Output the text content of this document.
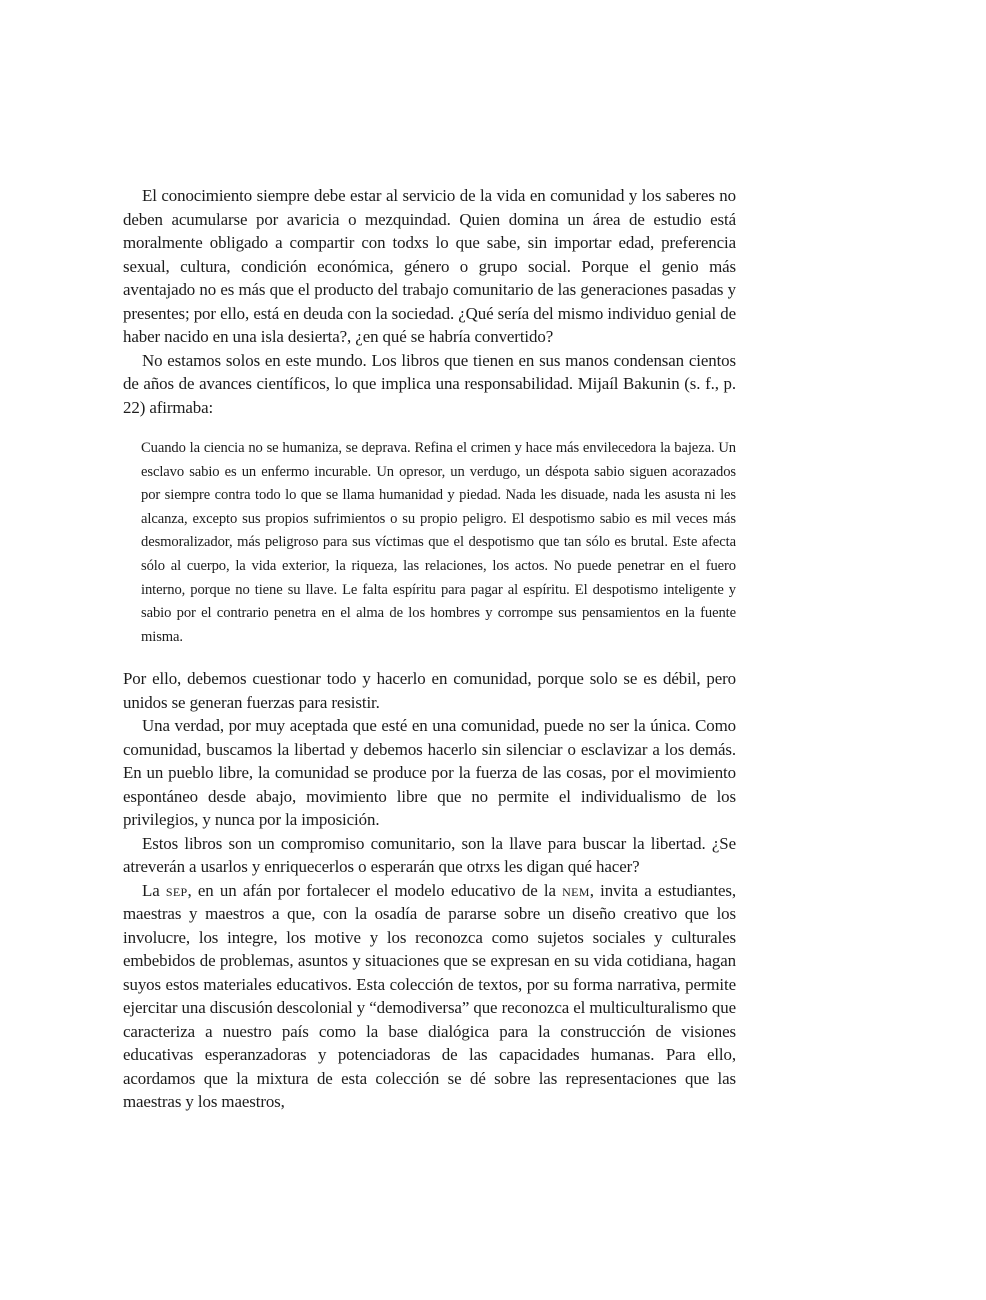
El conocimiento siempre debe estar al servicio de la vida en comunidad y los saberes no deben acumularse por avaricia o mezquindad. Quien domina un área de estudio está moralmente obligado a compartir con todxs lo que sabe, sin importar edad, preferencia sexual, cultura, condición económica, género o grupo social. Porque el genio más aventajado no es más que el producto del trabajo comunitario de las generaciones pasadas y presentes; por ello, está en deuda con la sociedad. ¿Qué sería del mismo individuo genial de haber nacido en una isla desierta?, ¿en qué se habría convertido?

No estamos solos en este mundo. Los libros que tienen en sus manos condensan cientos de años de avances científicos, lo que implica una responsabilidad. Mijaíl Bakunin (s. f., p. 22) afirmaba:

Cuando la ciencia no se humaniza, se deprava. Refina el crimen y hace más envilecedora la bajeza. Un esclavo sabio es un enfermo incurable. Un opresor, un verdugo, un déspota sabio siguen acorazados por siempre contra todo lo que se llama humanidad y piedad. Nada les disuade, nada les asusta ni les alcanza, excepto sus propios sufrimientos o su propio peligro. El despotismo sabio es mil veces más desmoralizador, más peligroso para sus víctimas que el despotismo que tan sólo es brutal. Este afecta sólo al cuerpo, la vida exterior, la riqueza, las relaciones, los actos. No puede penetrar en el fuero interno, porque no tiene su llave. Le falta espíritu para pagar al espíritu. El despotismo inteligente y sabio por el contrario penetra en el alma de los hombres y corrompe sus pensamientos en la fuente misma.

Por ello, debemos cuestionar todo y hacerlo en comunidad, porque solo se es débil, pero unidos se generan fuerzas para resistir.

Una verdad, por muy aceptada que esté en una comunidad, puede no ser la única. Como comunidad, buscamos la libertad y debemos hacerlo sin silenciar o esclavizar a los demás. En un pueblo libre, la comunidad se produce por la fuerza de las cosas, por el movimiento espontáneo desde abajo, movimiento libre que no permite el individualismo de los privilegios, y nunca por la imposición.

Estos libros son un compromiso comunitario, son la llave para buscar la libertad. ¿Se atreverán a usarlos y enriquecerlos o esperarán que otrxs les digan qué hacer?

La sep, en un afán por fortalecer el modelo educativo de la nem, invita a estudiantes, maestras y maestros a que, con la osadía de pararse sobre un diseño creativo que los involucre, los integre, los motive y los reconozca como sujetos sociales y culturales embebidos de problemas, asuntos y situaciones que se expresan en su vida cotidiana, hagan suyos estos materiales educativos. Esta colección de textos, por su forma narrativa, permite ejercitar una discusión descolonial y “demodiversa” que reconozca el multiculturalismo que caracteriza a nuestro país como la base dialógica para la construcción de visiones educativas esperanzadoras y potenciadoras de las capacidades humanas. Para ello, acordamos que la mixtura de esta colección se dé sobre las representaciones que las maestras y los maestros,
